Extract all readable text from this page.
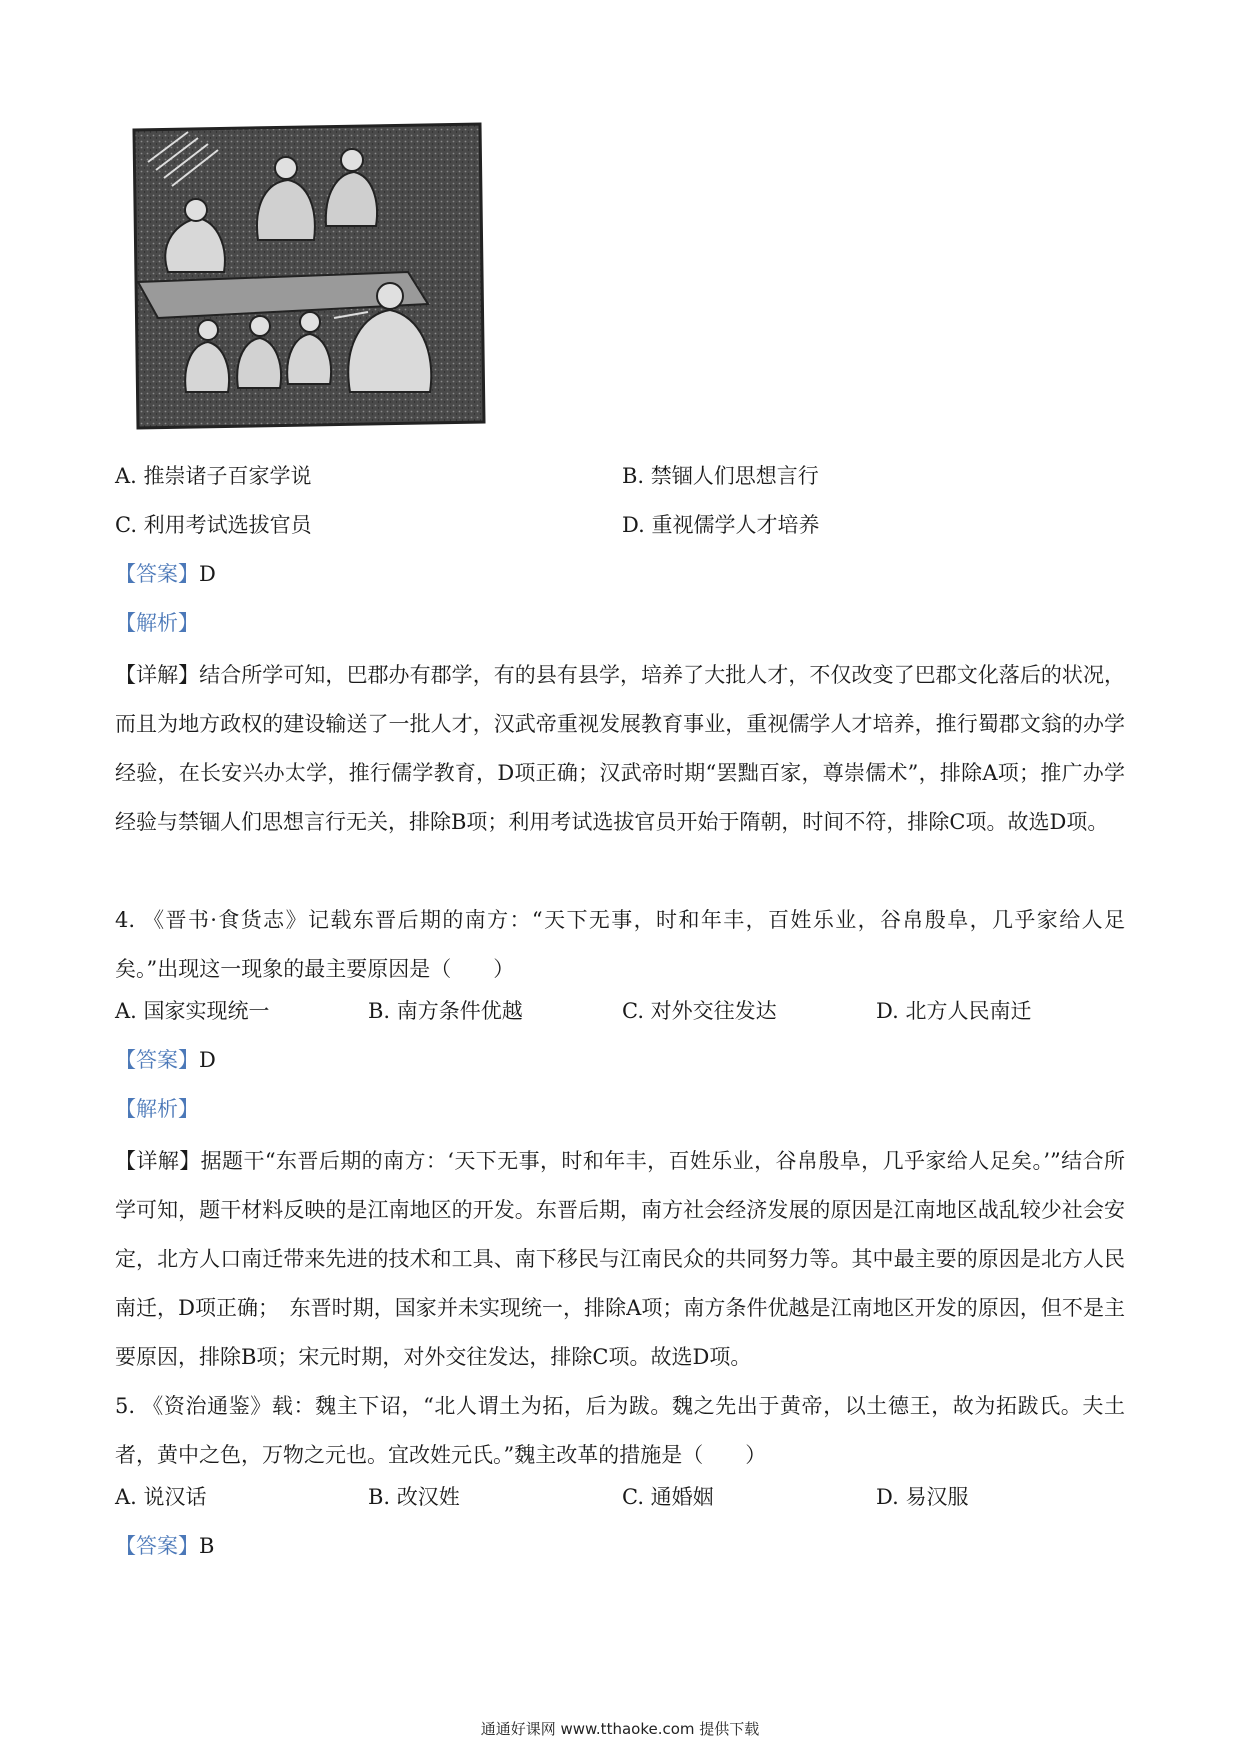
A. 推崇诸子百家学说	B. 禁锢人们思想言行
C. 利用考试选拔官员	D. 重视儒学人才培养
【答案】D
【解析】
【详解】结合所学可知，巴郡办有郡学，有的县有县学，培养了大批人才，不仅改变了巴郡文化落后的状况，而且为地方政权的建设输送了一批人才，汉武帝重视发展教育事业，重视儒学人才培养，推行蜀郡文翁的办学经验，在长安兴办太学，推行儒学教育，D项正确；汉武帝时期“罢黜百家，尊崇儒术”，排除A项；推广办学经验与禁锢人们思想言行无关，排除B项；利用考试选拔官员开始于隋朝，时间不符，排除C项。故选D项。
4. 《晋书·食货志》记载东晋后期的南方：“天下无事，时和年丰，百姓乐业，谷帛殷阜，几乎家给人足矣。”出现这一现象的最主要原因是（　　）
A. 国家实现统一	B. 南方条件优越	C. 对外交往发达	D. 北方人民南迁
【答案】D
【解析】
【详解】据题干“东晋后期的南方：‘天下无事，时和年丰，百姓乐业，谷帛殷阜，几乎家给人足矣。’”结合所学可知，题干材料反映的是江南地区的开发。东晋后期，南方社会经济发展的原因是江南地区战乱较少社会安定，北方人口南迁带来先进的技术和工具、南下移民与江南民众的共同努力等。其中最主要的原因是北方人民南迁，D项正确；　东晋时期，国家并未实现统一，排除A项；南方条件优越是江南地区开发的原因，但不是主要原因，排除B项；宋元时期，对外交往发达，排除C项。故选D项。
5. 《资治通鉴》载：魏主下诏，“北人谓土为拓，后为跋。魏之先出于黄帝，以土德王，故为拓跋氏。夫土者，黄中之色，万物之元也。宜改姓元氏。”魏主改革的措施是（　　）
A. 说汉话	B. 改汉姓	C. 通婚姻	D. 易汉服
【答案】B
通通好课网 www.tthaoke.com 提供下载
